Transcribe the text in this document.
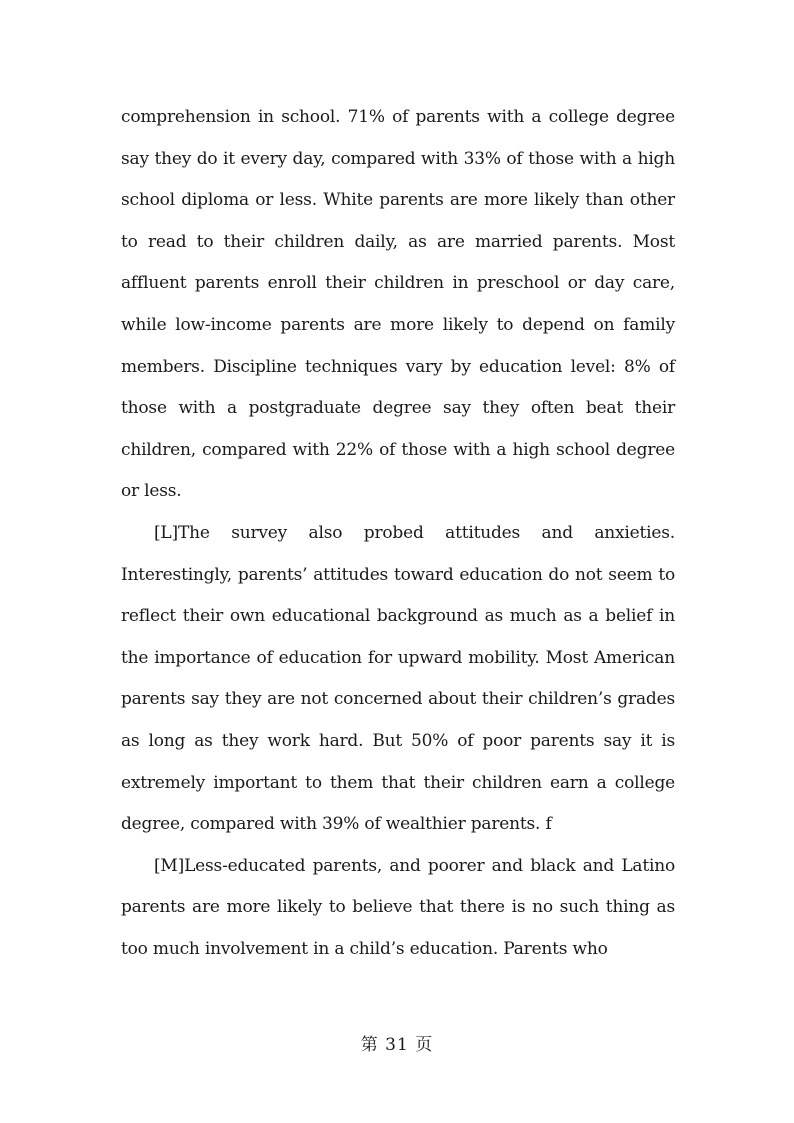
comprehension in school. 71% of parents with a college degree say they do it every day, compared with 33% of those with a high school diploma or less. White parents are more likely than other to read to their children daily, as are married parents. Most affluent parents enroll their children in preschool or day care, while low-income parents are more likely to depend on family members. Discipline techniques vary by education level: 8% of those with a postgraduate degree say they often beat their children, compared with 22% of those with a high school degree or less.

[L]The survey also probed attitudes and anxieties. Interestingly, parents’ attitudes toward education do not seem to reflect their own educational background as much as a belief in the importance of education for upward mobility. Most American parents say they are not concerned about their children’s grades as long as they work hard. But 50% of poor parents say it is extremely important to them that their children earn a college degree, compared with 39% of wealthier parents. f

[M]Less-educated parents, and poorer and black and Latino parents are more likely to believe that there is no such thing as too much involvement in a child’s education. Parents who

第 31 页
